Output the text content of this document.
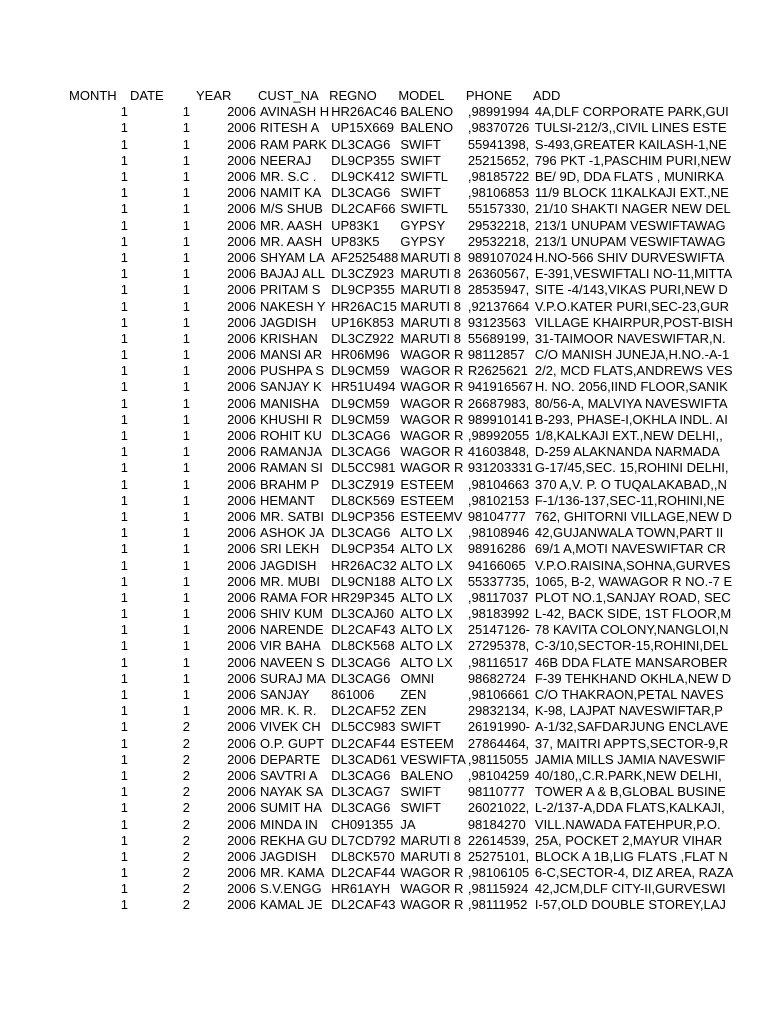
MONTH	DATE	YEAR	CUST_NA	REGNO	MODEL	PHONE	ADD
1	1	2006	AVINASH H	HR26AC46	BALENO	,98991994	4A,DLF CORPORATE PARK,GUI
1	1	2006	RITESH A	UP15X669	BALENO	,98370726	TULSI-212/3,,CIVIL LINES ESTE
1	1	2006	RAM PARK	DL3CAG6	SWIFT	55941398,	S-493,GREATER KAILASH-1,NE
1	1	2006	NEERAJ	DL9CP355	SWIFT	25215652,	796 PKT -1,PASCHIM PURI,NEW
1	1	2006	MR. S.C .	DL9CK412	SWIFTL	,98185722	BE/ 9D, DDA FLATS , MUNIRKA
1	1	2006	NAMIT KA	DL3CAG6	SWIFT	,98106853	11/9 BLOCK 11KALKAJI EXT.,NE
1	1	2006	M/S SHUB	DL2CAF66	SWIFTL	55157330,	21/10 SHAKTI NAGER NEW DEL
1	1	2006	MR. AASH	UP83K1	GYPSY	29532218,	213/1 UNUPAM VESWIFTAWAG
1	1	2006	MR. AASH	UP83K5	GYPSY	29532218,	213/1 UNUPAM VESWIFTAWAG
1	1	2006	SHYAM LA	AF2525488	MARUTI 8	989107024	H.NO-566 SHIV DURVESWIFTA
1	1	2006	BAJAJ ALL	DL3CZ923	MARUTI 8	26360567,	E-391,VESWIFTALI NO-11,MITTA
1	1	2006	PRITAM S	DL9CP355	MARUTI 8	28535947,	SITE -4/143,VIKAS PURI,NEW D
1	1	2006	NAKESH Y	HR26AC15	MARUTI 8	,92137664	V.P.O.KATER PURI,SEC-23,GUR
1	1	2006	JAGDISH	UP16K853	MARUTI 8	93123563	VILLAGE KHAIRPUR,POST-BISH
1	1	2006	KRISHAN	DL3CZ922	MARUTI 8	55689199,	31-TAIMOOR NAVESWIFTAR,N.
1	1	2006	MANSI AR	HR06M96	WAGOR R	98112857	C/O MANISH JUNEJA,H.NO.-A-1
1	1	2006	PUSHPA S	DL9CM59	WAGOR R	R2625621	2/2, MCD FLATS,ANDREWS VES
1	1	2006	SANJAY K	HR51U494	WAGOR R	941916567	H. NO. 2056,IIND FLOOR,SANIK
1	1	2006	MANISHA	DL9CM59	WAGOR R	26687983,	80/56-A, MALVIYA NAVESWIFTA
1	1	2006	KHUSHI R	DL9CM59	WAGOR R	989910141	B-293, PHASE-I,OKHLA INDL. AI
1	1	2006	ROHIT KU	DL3CAG6	WAGOR R	,98992055	1/8,KALKAJI EXT.,NEW DELHI,,
1	1	2006	RAMANJA	DL3CAG6	WAGOR R	41603848,	D-259 ALAKNANDA NARMADA
1	1	2006	RAMAN SI	DL5CC981	WAGOR R	931203331	G-17/45,SEC. 15,ROHINI DELHI,
1	1	2006	BRAHM P	DL3CZ919	ESTEEM	,98104663	370 A,V. P. O TUQALAKABAD,,N
1	1	2006	HEMANT	DL8CK569	ESTEEM	,98102153	F-1/136-137,SEC-11,ROHINI,NE
1	1	2006	MR. SATBI	DL9CP356	ESTEEMV	98104777	762, GHITORNI VILLAGE,NEW D
1	1	2006	ASHOK JA	DL3CAG6	ALTO LX	,98108946	42,GUJANWALA TOWN,PART II
1	1	2006	SRI LEKH	DL9CP354	ALTO LX	98916286	69/1 A,MOTI NAVESWIFTAR CR
1	1	2006	JAGDISH	HR26AC32	ALTO LX	94166065	V.P.O.RAISINA,SOHNA,GURVES
1	1	2006	MR. MUBI	DL9CN188	ALTO LX	55337735,	1065, B-2, WAWAGOR R NO.-7 E
1	1	2006	RAMA FOR	HR29P345	ALTO LX	,98117037	PLOT NO.1,SANJAY ROAD, SEC
1	1	2006	SHIV KUM	DL3CAJ60	ALTO LX	,98183992	L-42, BACK SIDE, 1ST FLOOR,M
1	1	2006	NARENDE	DL2CAF43	ALTO LX	25147126-	78 KAVITA COLONY,NANGLOI,N
1	1	2006	VIR BAHA	DL8CK568	ALTO LX	27295378,	C-3/10,SECTOR-15,ROHINI,DEL
1	1	2006	NAVEEN S	DL3CAG6	ALTO LX	,98116517	46B DDA FLATE MANSAROBER
1	1	2006	SURAJ MA	DL3CAG6	OMNI	98682724	F-39 TEHKHAND OKHLA,NEW D
1	1	2006	SANJAY	861006	ZEN	,98106661	C/O THAKRAON,PETAL NAVES
1	1	2006	MR. K. R.	DL2CAF52	ZEN	29832134,	K-98, LAJPAT NAVESWIFTAR,P
1	2	2006	VIVEK CH	DL5CC983	SWIFT	26191990-	A-1/32,SAFDARJUNG ENCLAVE
1	2	2006	O.P. GUPT	DL2CAF44	ESTEEM	27864464,	37, MAITRI APPTS,SECTOR-9,R
1	2	2006	DEPARTE	DL3CAD61	VESWIFTA	,98115055	JAMIA MILLS JAMIA NAVESWIF
1	2	2006	SAVTRI A	DL3CAG6	BALENO	,98104259	40/180,,C.R.PARK,NEW DELHI,
1	2	2006	NAYAK SA	DL3CAG7	SWIFT	98110777	TOWER A & B,GLOBAL BUSINE
1	2	2006	SUMIT HA	DL3CAG6	SWIFT	26021022,	L-2/137-A,DDA FLATS,KALKAJI,
1	2	2006	MINDA IN	CH091355	JA	98184270	VILL.NAWADA FATEHPUR,P.O.
1	2	2006	REKHA GU	DL7CD792	MARUTI 8	22614539,	25A, POCKET 2,MAYUR VIHAR
1	2	2006	JAGDISH	DL8CK570	MARUTI 8	25275101,	BLOCK A 1B,LIG FLATS ,FLAT N
1	2	2006	MR. KAMA	DL2CAF44	WAGOR R	,98106105	6-C,SECTOR-4, DIZ AREA, RAZA
1	2	2006	S.V.ENGG	HR61AYH	WAGOR R	,98115924	42,JCM,DLF CITY-II,GURVESWI
1	2	2006	KAMAL JE	DL2CAF43	WAGOR R	,98111952	I-57,OLD DOUBLE STOREY,LAJ
